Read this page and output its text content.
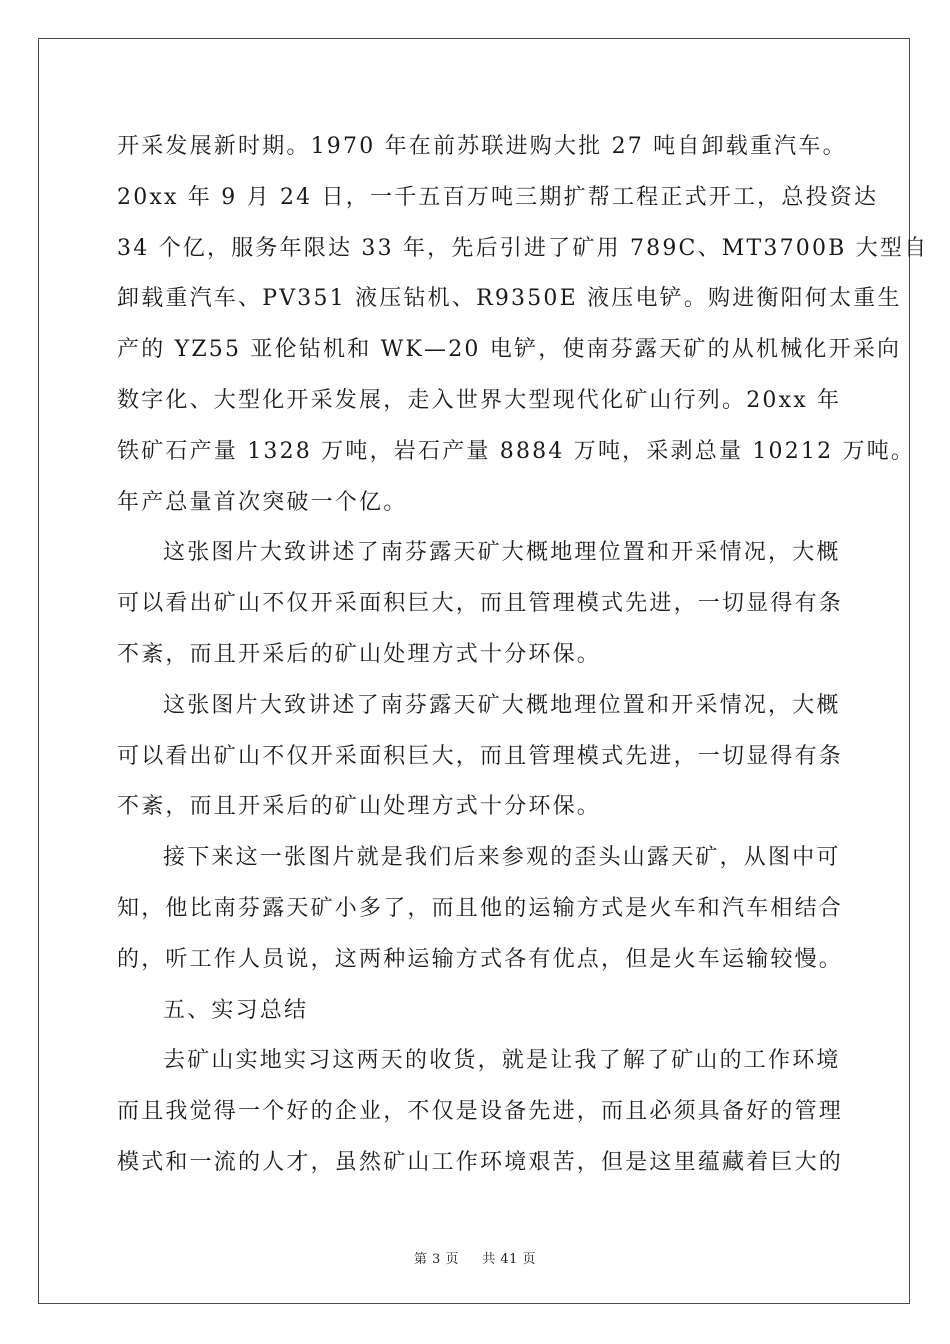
开采发展新时期。1970 年在前苏联进购大批 27 吨自卸载重汽车。
20xx 年 9 月 24 日，一千五百万吨三期扩帮工程正式开工，总投资达
34 个亿，服务年限达 33 年，先后引进了矿用 789C、MT3700B 大型自
卸载重汽车、PV351 液压钻机、R9350E 液压电铲。购进衡阳何太重生
产的 YZ55 亚伦钻机和 WK—20 电铲，使南芬露天矿的从机械化开采向
数字化、大型化开采发展，走入世界大型现代化矿山行列。20xx 年
铁矿石产量 1328 万吨，岩石产量 8884 万吨，采剥总量 10212 万吨。
年产总量首次突破一个亿。

这张图片大致讲述了南芬露天矿大概地理位置和开采情况，大概
可以看出矿山不仅开采面积巨大，而且管理模式先进，一切显得有条
不紊，而且开采后的矿山处理方式十分环保。

这张图片大致讲述了南芬露天矿大概地理位置和开采情况，大概
可以看出矿山不仅开采面积巨大，而且管理模式先进，一切显得有条
不紊，而且开采后的矿山处理方式十分环保。

接下来这一张图片就是我们后来参观的歪头山露天矿，从图中可
知，他比南芬露天矿小多了，而且他的运输方式是火车和汽车相结合
的，听工作人员说，这两种运输方式各有优点，但是火车运输较慢。

五、实习总结

去矿山实地实习这两天的收货，就是让我了解了矿山的工作环境
而且我觉得一个好的企业，不仅是设备先进，而且必须具备好的管理
模式和一流的人才，虽然矿山工作环境艰苦，但是这里蕴藏着巨大的

第 3 页 共 41 页
